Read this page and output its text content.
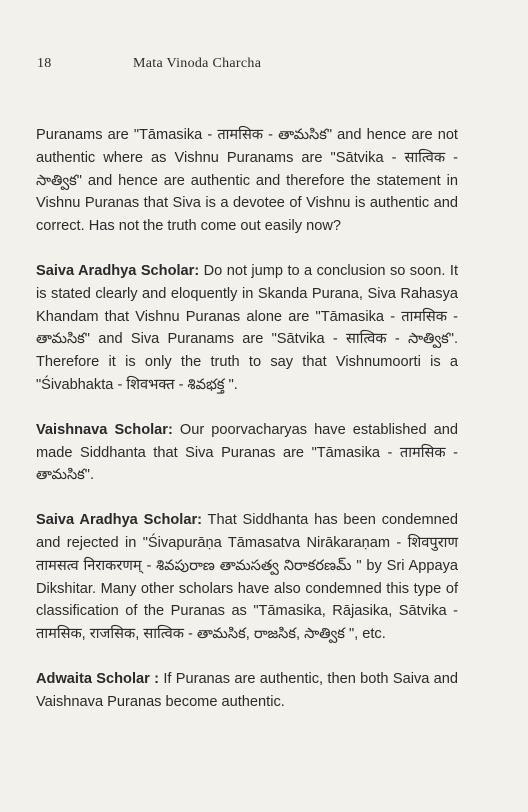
18	Mata Vinoda Charcha

Puranams are "Tāmasika - तामसिक - తామసిక" and hence are not authentic where as Vishnu Puranams are "Sātvika - सात्विक - సాత్విక" and hence are authentic and therefore the statement in Vishnu Puranas that Siva is a devotee of Vishnu is authentic and correct. Has not the truth come out easily now?

Saiva Aradhya Scholar: Do not jump to a conclusion so soon. It is stated clearly and eloquently in Skanda Purana, Siva Rahasya Khandam that Vishnu Puranas alone are "Tāmasika - तामसिक - తామసిక" and Siva Puranams are "Sātvika - सात्विक - సాత్విక". Therefore it is only the truth to say that Vishnumoorti is a "Śivabhakta - शिवभक्त - శివభక్త ".

Vaishnava Scholar: Our poorvacharyas have established and made Siddhanta that Siva Puranas are "Tāmasika - तामसिक - తామసిక".

Saiva Aradhya Scholar: That Siddhanta has been condemned and rejected in "Śivapurāṇa Tāmasatva Nirākaraṇam - शिवपुराण तामसत्व निराकरणम् - శివపురాణ తామసత్వ నిరాకరణమ్ " by Sri Appaya Dikshitar. Many other scholars have also condemned this type of classification of the Puranas as "Tāmasika, Rājasika, Sātvika - तामसिक, राजसिक, सात्विक - తామసిక, రాజసిక, సాత్విక ", etc.

Adwaita Scholar : If Puranas are authentic, then both Saiva and Vaishnava Puranas become authentic.
